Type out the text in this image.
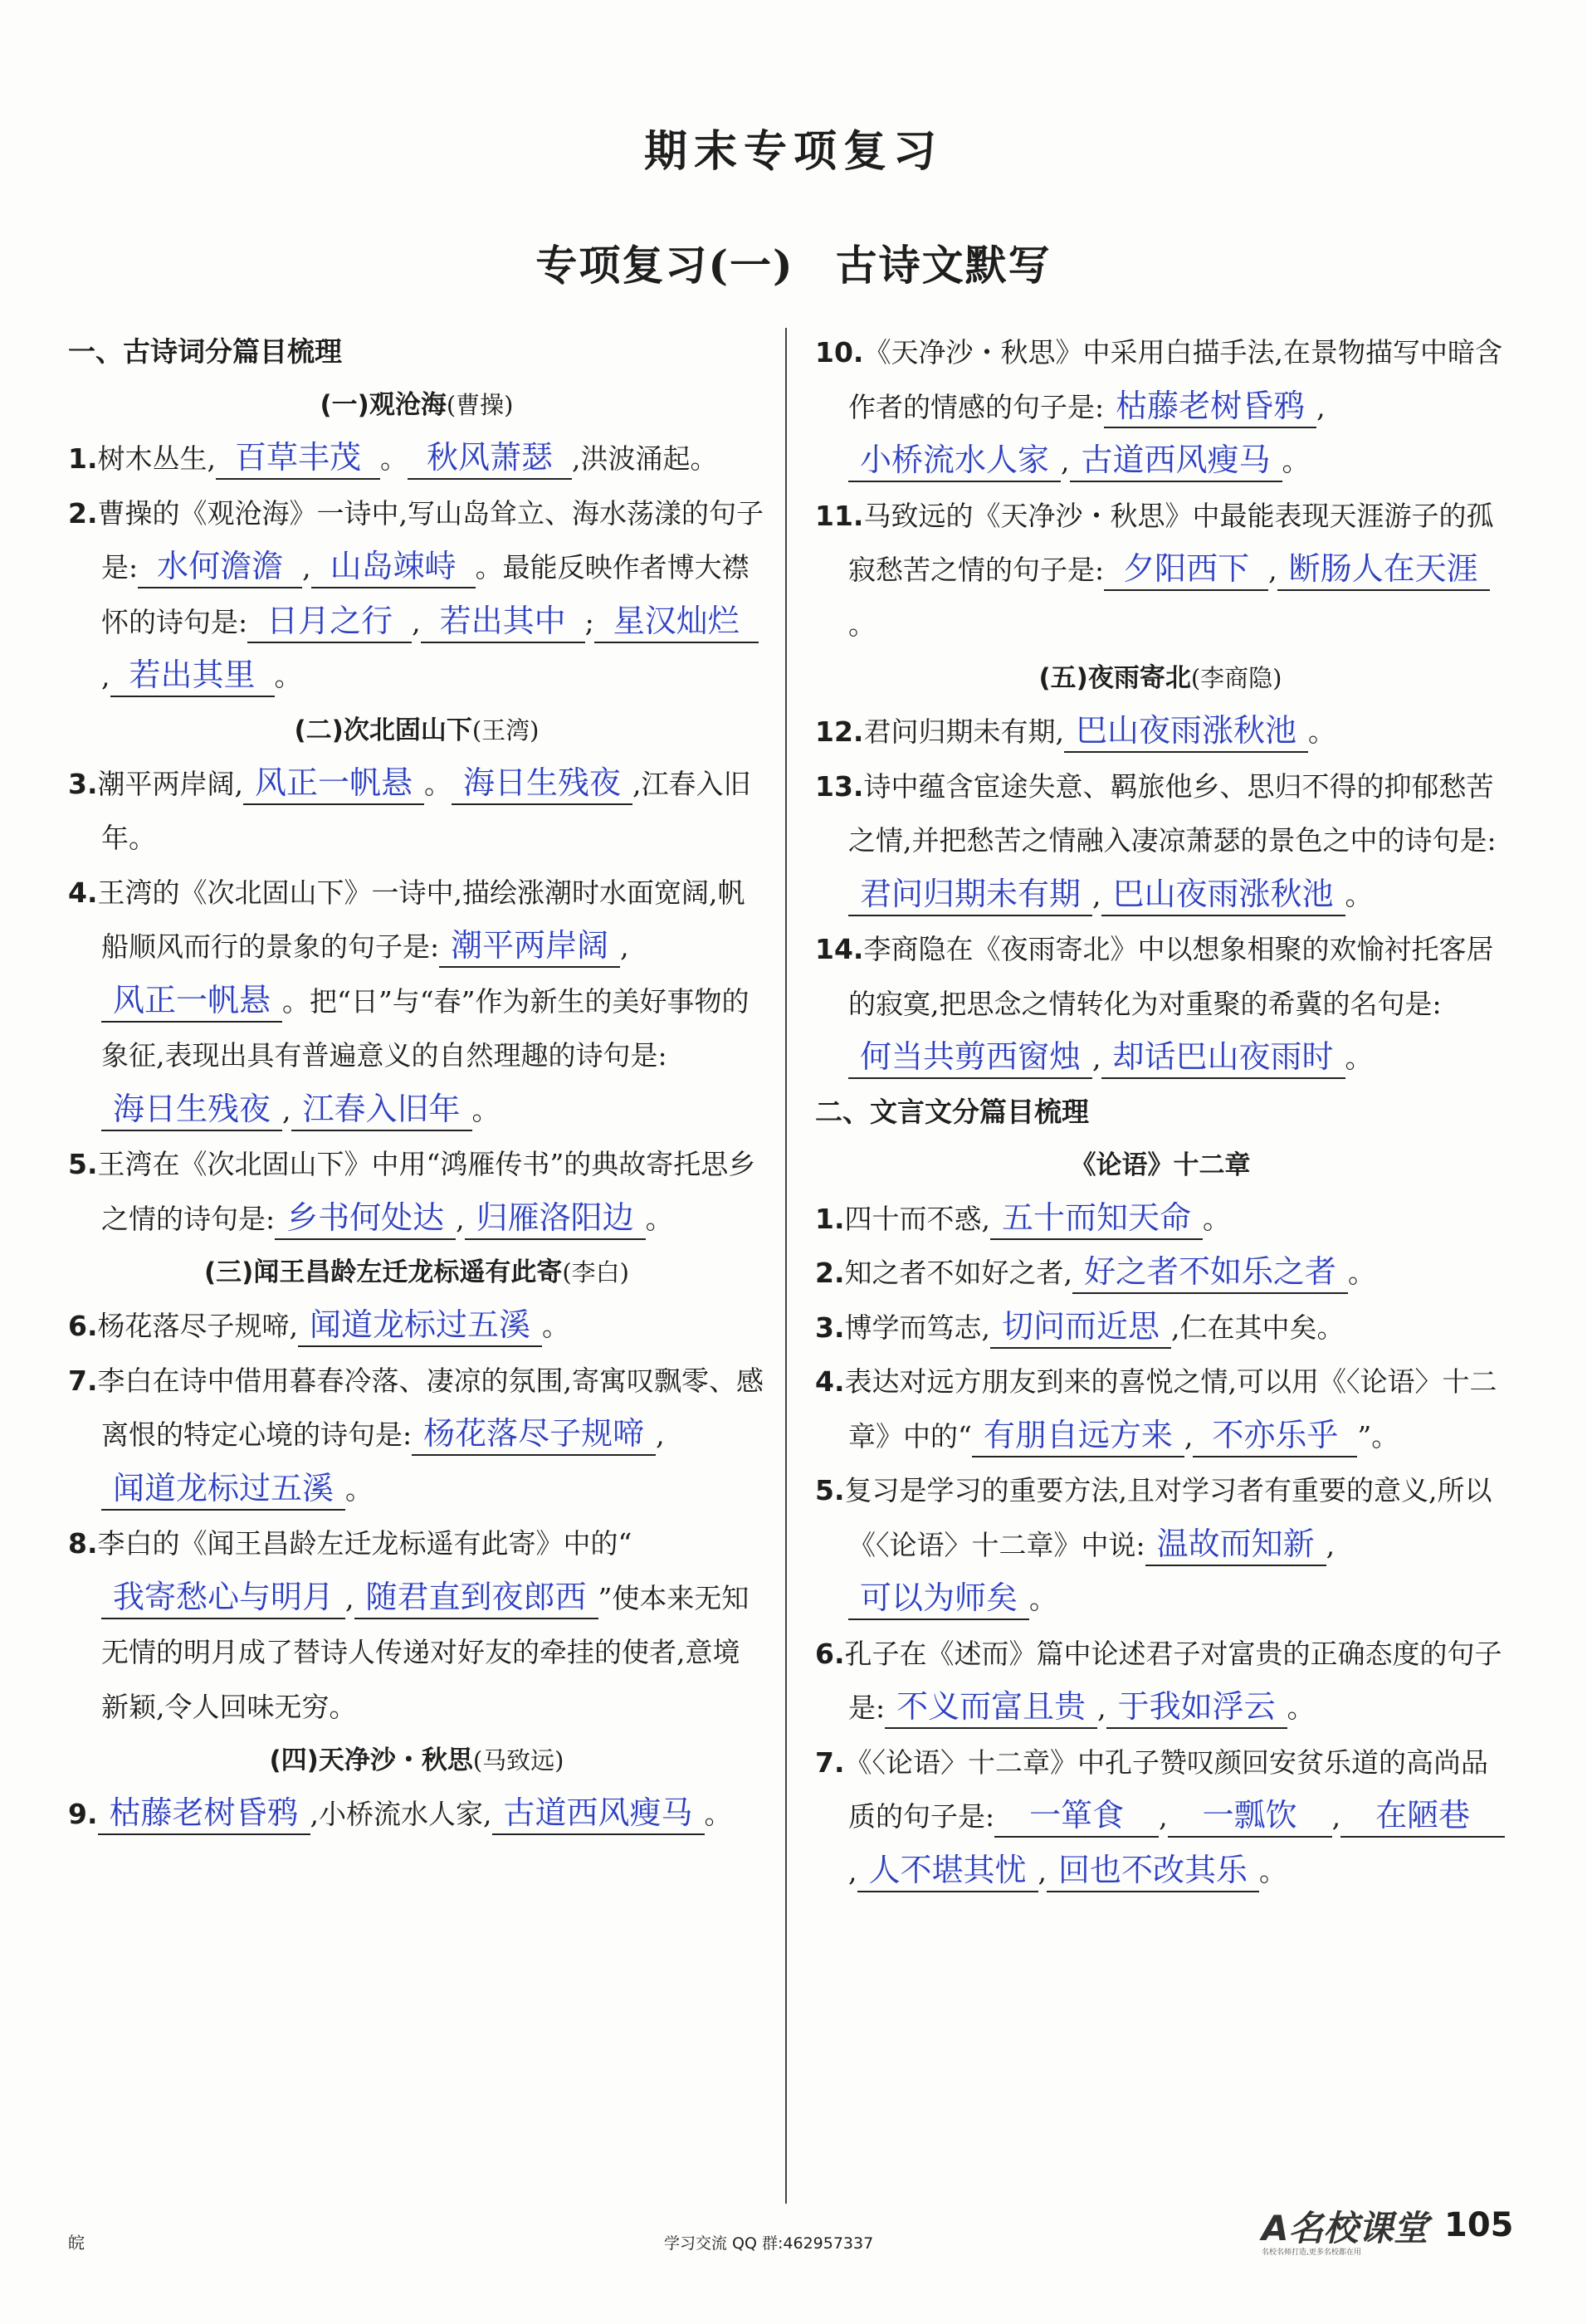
期末专项复习
专项复习(一) 古诗文默写
一、古诗词分篇目梳理
(一)观沧海(曹操)
1.树木丛生, 百草丰茂 。 秋风萧瑟 ,洪波涌起。
2.曹操的《观沧海》一诗中,写山岛耸立、海水荡漾的句子是: 水何澹澹 , 山岛竦峙 。最能反映作者博大襟怀的诗句是: 日月之行 , 若出其中 ; 星汉灿烂, 若出其里 。
(二)次北固山下(王湾)
3.潮平两岸阔, 风正一帆悬 。 海日生残夜 ,江春入旧年。
4.王湾的《次北固山下》一诗中,描绘涨潮时水面宽阔,帆船顺风而行的景象的句子是: 潮平两岸阔 ,风正一帆悬 。把“日”与“春”作为新生的美好事物的象征,表现出具有普遍意义的自然理趣的诗句是:海日生残夜 , 江春入旧年 。
5.王湾在《次北固山下》中用“鸿雁传书”的典故寄托思乡之情的诗句是: 乡书何处达 , 归雁洛阳边 。
(三)闻王昌龄左迁龙标遥有此寄(李白)
6.杨花落尽子规啼, 闻道龙标过五溪 。
7.李白在诗中借用暮春冷落、凄凉的氛围,寄寓叹飘零、感离恨的特定心境的诗句是: 杨花落尽子规啼 ,闻道龙标过五溪 。
8.李白的《闻王昌龄左迁龙标遥有此寄》中的“我寄愁心与明月 , 随君直到夜郎西 ”使本来无知无情的明月成了替诗人传递对好友的牵挂的使者,意境新颖,令人回味无穷。
(四)天净沙・秋思(马致远)
9. 枯藤老树昏鸦 ,小桥流水人家, 古道西风瘦马 。
10.《天净沙・秋思》中采用白描手法,在景物描写中暗含作者的情感的句子是: 枯藤老树昏鸦 ,小桥流水人家 , 古道西风瘦马 。
11.马致远的《天净沙・秋思》中最能表现天涯游子的孤寂愁苦之情的句子是: 夕阳西下 , 断肠人在天涯。
(五)夜雨寄北(李商隐)
12.君问归期未有期, 巴山夜雨涨秋池 。
13.诗中蕴含宦途失意、羁旅他乡、思归不得的抑郁愁苦之情,并把愁苦之情融入凄凉萧瑟的景色之中的诗句是:君问归期未有期 , 巴山夜雨涨秋池 。
14.李商隐在《夜雨寄北》中以想象相聚的欢愉衬托客居的寂寞,把思念之情转化为对重聚的希冀的名句是:何当共剪西窗烛 , 却话巴山夜雨时 。
二、文言文分篇目梳理
《论语》十二章
1.四十而不惑, 五十而知天命 。
2.知之者不如好之者, 好之者不如乐之者 。
3.博学而笃志, 切问而近思 ,仁在其中矣。
4.表达对远方朋友到来的喜悦之情,可以用《〈论语〉十二章》中的“ 有朋自远方来 , 不亦乐乎 ”。
5.复习是学习的重要方法,且对学习者有重要的意义,所以《〈论语〉十二章》中说: 温故而知新 ,可以为师矣 。
6.孔子在《述而》篇中论述君子对富贵的正确态度的句子是: 不义而富且贵 , 于我如浮云 。
7.《〈论语〉十二章》中孔子赞叹颜回安贫乐道的高尚品质的句子是: 一箪食 , 一瓢饮 , 在陋巷, 人不堪其忧 , 回也不改其乐 。
皖	学习交流 QQ 群:462957337	A名校课堂
名校名师打造,更多名校都在用
105
